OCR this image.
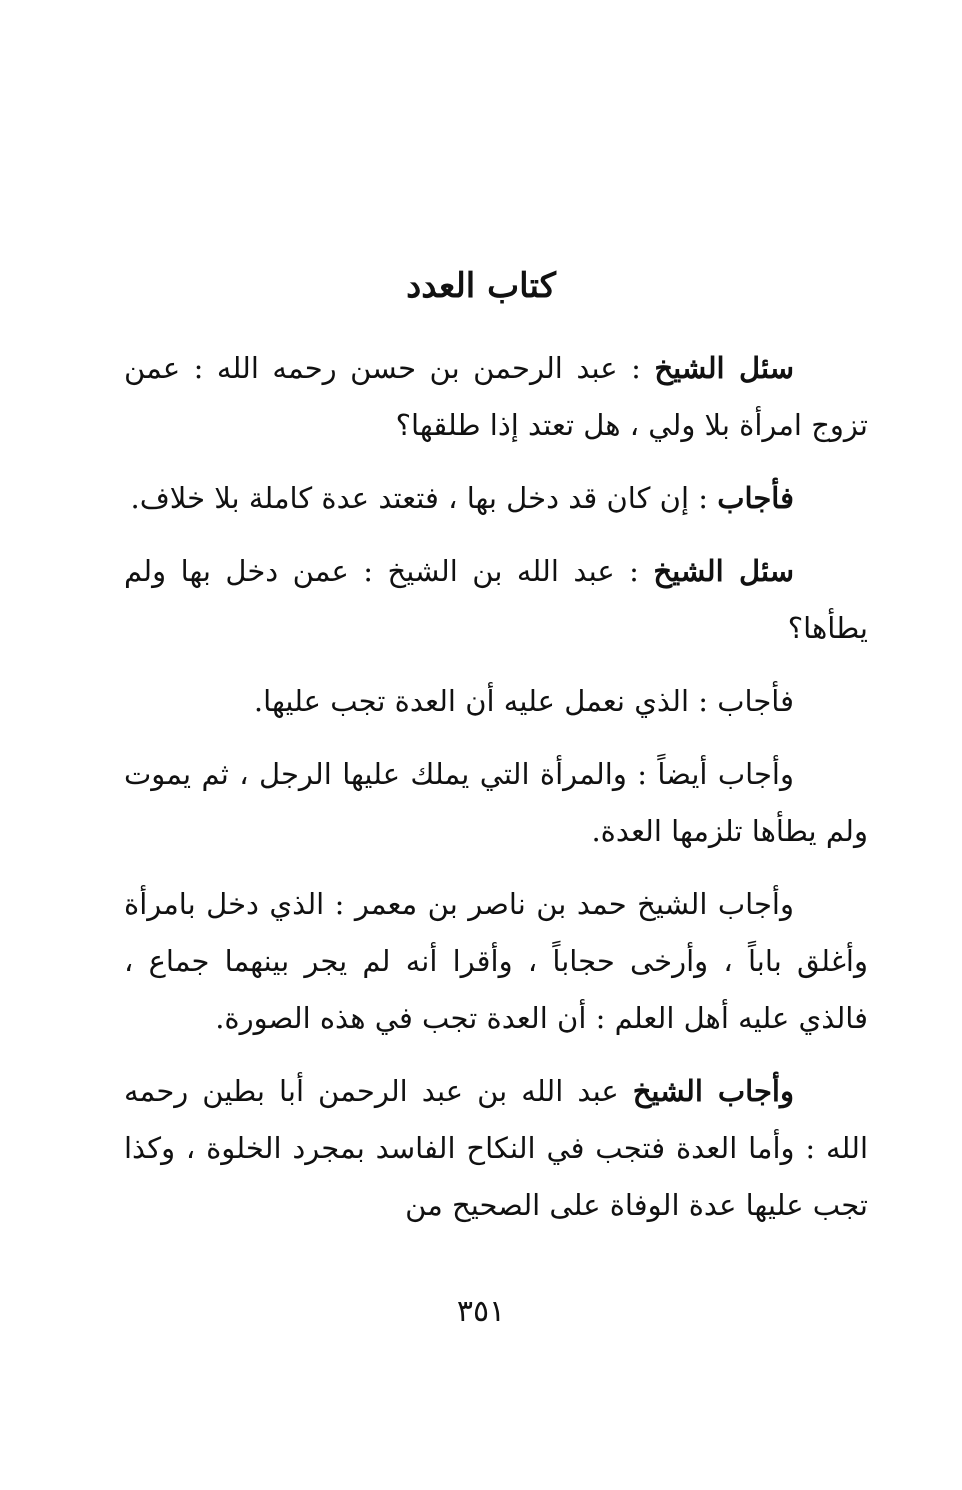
كتاب العدد

سئل الشيخ : عبد الرحمن بن حسن رحمه الله : عمن تزوج امرأة بلا ولي ، هل تعتد إذا طلقها؟

فأجاب : إن كان قد دخل بها ، فتعتد عدة كاملة بلا خلاف.

سئل الشيخ : عبد الله بن الشيخ : عمن دخل بها ولم يطأها؟

فأجاب : الذي نعمل عليه أن العدة تجب عليها.

وأجاب أيضاً : والمرأة التي يملك عليها الرجل ، ثم يموت ولم يطأها تلزمها العدة.

وأجاب الشيخ حمد بن ناصر بن معمر : الذي دخل بامرأة وأغلق باباً ، وأرخى حجاباً ، وأقرا أنه لم يجر بينهما جماع ، فالذي عليه أهل العلم : أن العدة تجب في هذه الصورة.

وأجاب الشيخ عبد الله بن عبد الرحمن أبا بطين رحمه الله : وأما العدة فتجب في النكاح الفاسد بمجرد الخلوة ، وكذا تجب عليها عدة الوفاة على الصحيح من

٣٥١
